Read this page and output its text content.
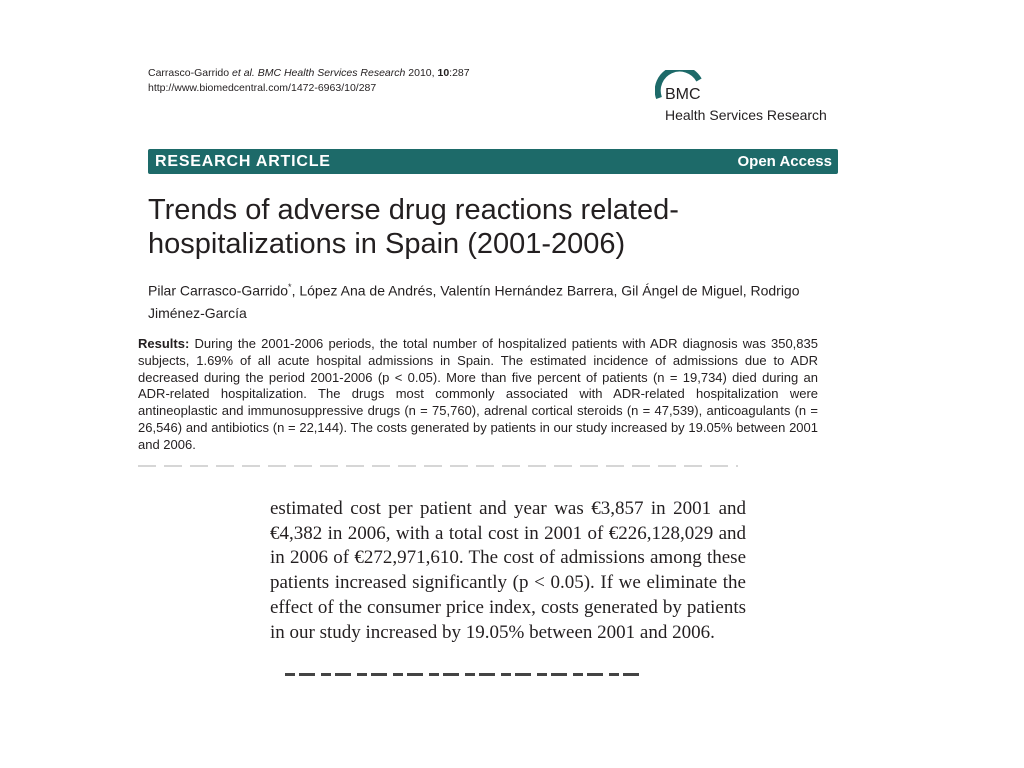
Carrasco-Garrido et al. BMC Health Services Research 2010, 10:287
http://www.biomedcentral.com/1472-6963/10/287	BMC
Health Services Research
RESEARCH ARTICLE	Open Access
Trends of adverse drug reactions related-hospitalizations in Spain (2001-2006)
Pilar Carrasco-Garrido*, López Ana de Andrés, Valentín Hernández Barrera, Gil Ángel de Miguel, Rodrigo Jiménez-García
Results: During the 2001-2006 periods, the total number of hospitalized patients with ADR diagnosis was 350,835 subjects, 1.69% of all acute hospital admissions in Spain. The estimated incidence of admissions due to ADR decreased during the period 2001-2006 (p < 0.05). More than five percent of patients (n = 19,734) died during an ADR-related hospitalization. The drugs most commonly associated with ADR-related hospitalization were antineoplastic and immunosuppressive drugs (n = 75,760), adrenal cortical steroids (n = 47,539), anticoagulants (n = 26,546) and antibiotics (n = 22,144). The costs generated by patients in our study increased by 19.05% between 2001 and 2006.
estimated cost per patient and year was €3,857 in 2001 and €4,382 in 2006, with a total cost in 2001 of €226,128,029 and in 2006 of €272,971,610. The cost of admissions among these patients increased significantly (p < 0.05). If we eliminate the effect of the consumer price index, costs generated by patients in our study increased by 19.05% between 2001 and 2006.
